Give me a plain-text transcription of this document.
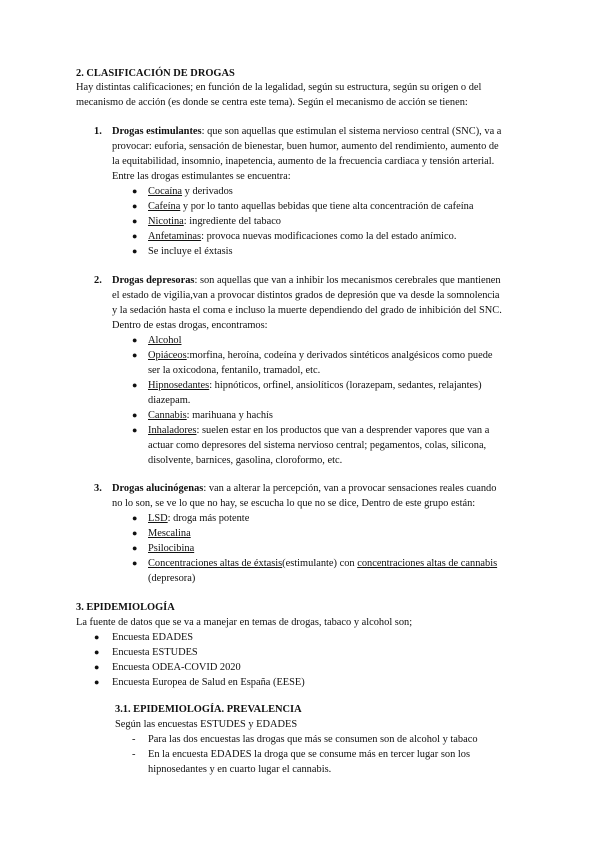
2. CLASIFICACIÓN DE DROGAS
Hay distintas calificaciones; en función de la legalidad, según su estructura, según su origen o del
mecanismo de acción (es donde se centra este tema). Según el mecanismo de acción se tienen:
1. Drogas estimulantes: que son aquellas que estimulan el sistema nervioso central (SNC), va a
provocar: euforia, sensación de bienestar, buen humor, aumento del rendimiento, aumento de
la equitabilidad, insomnio, inapetencia, aumento de la frecuencia cardiaca y tensión arterial.
Entre las drogas estimulantes se encuentra:
● Cocaína y derivados
● Cafeína y por lo tanto aquellas bebidas que tiene alta concentración de cafeína
● Nicotina: ingrediente del tabaco
● Anfetaminas: provoca nuevas modificaciones como la del estado anímico.
● Se incluye el éxtasis
2. Drogas depresoras: son aquellas que van a inhibir los mecanismos cerebrales que mantienen
el estado de vigilia,van a provocar distintos grados de depresión que va desde la somnolencia
y la sedación hasta el coma e incluso la muerte dependiendo del grado de inhibición del SNC.
Dentro de estas drogas, encontramos:
● Alcohol
● Opiáceos:morfina, heroína, codeína y derivados sintéticos analgésicos como puede
ser la oxicodona, fentanilo, tramadol, etc.
● Hipnosedantes: hipnóticos, orfinel, ansiolíticos (lorazepam, sedantes, relajantes)
diazepam.
● Cannabis: marihuana y hachís
● Inhaladores: suelen estar en los productos que van a desprender vapores que van a
actuar como depresores del sistema nervioso central; pegamentos, colas, silicona,
disolvente, barnices, gasolina, cloroformo, etc.
3. Drogas alucinógenas: van a alterar la percepción, van a provocar sensaciones reales cuando
no lo son, se ve lo que no hay, se escucha lo que no se dice, Dentro de este grupo están:
● LSD: droga más potente
● Mescalina
● Psilocibina
● Concentraciones altas de éxtasis(estimulante) con concentraciones altas de cannabis
(depresora)
3. EPIDEMIOLOGÍA
La fuente de datos que se va a manejar en temas de drogas, tabaco y alcohol son;
● Encuesta EDADES
● Encuesta ESTUDES
● Encuesta ODEA-COVID 2020
● Encuesta Europea de Salud en España (EESE)
3.1. EPIDEMIOLOGÍA. PREVALENCIA
Según las encuestas ESTUDES y EDADES
- Para las dos encuestas las drogas que más se consumen son de alcohol y tabaco
- En la encuesta EDADES la droga que se consume más en tercer lugar son los
hipnosedantes y en cuarto lugar el cannabis.
